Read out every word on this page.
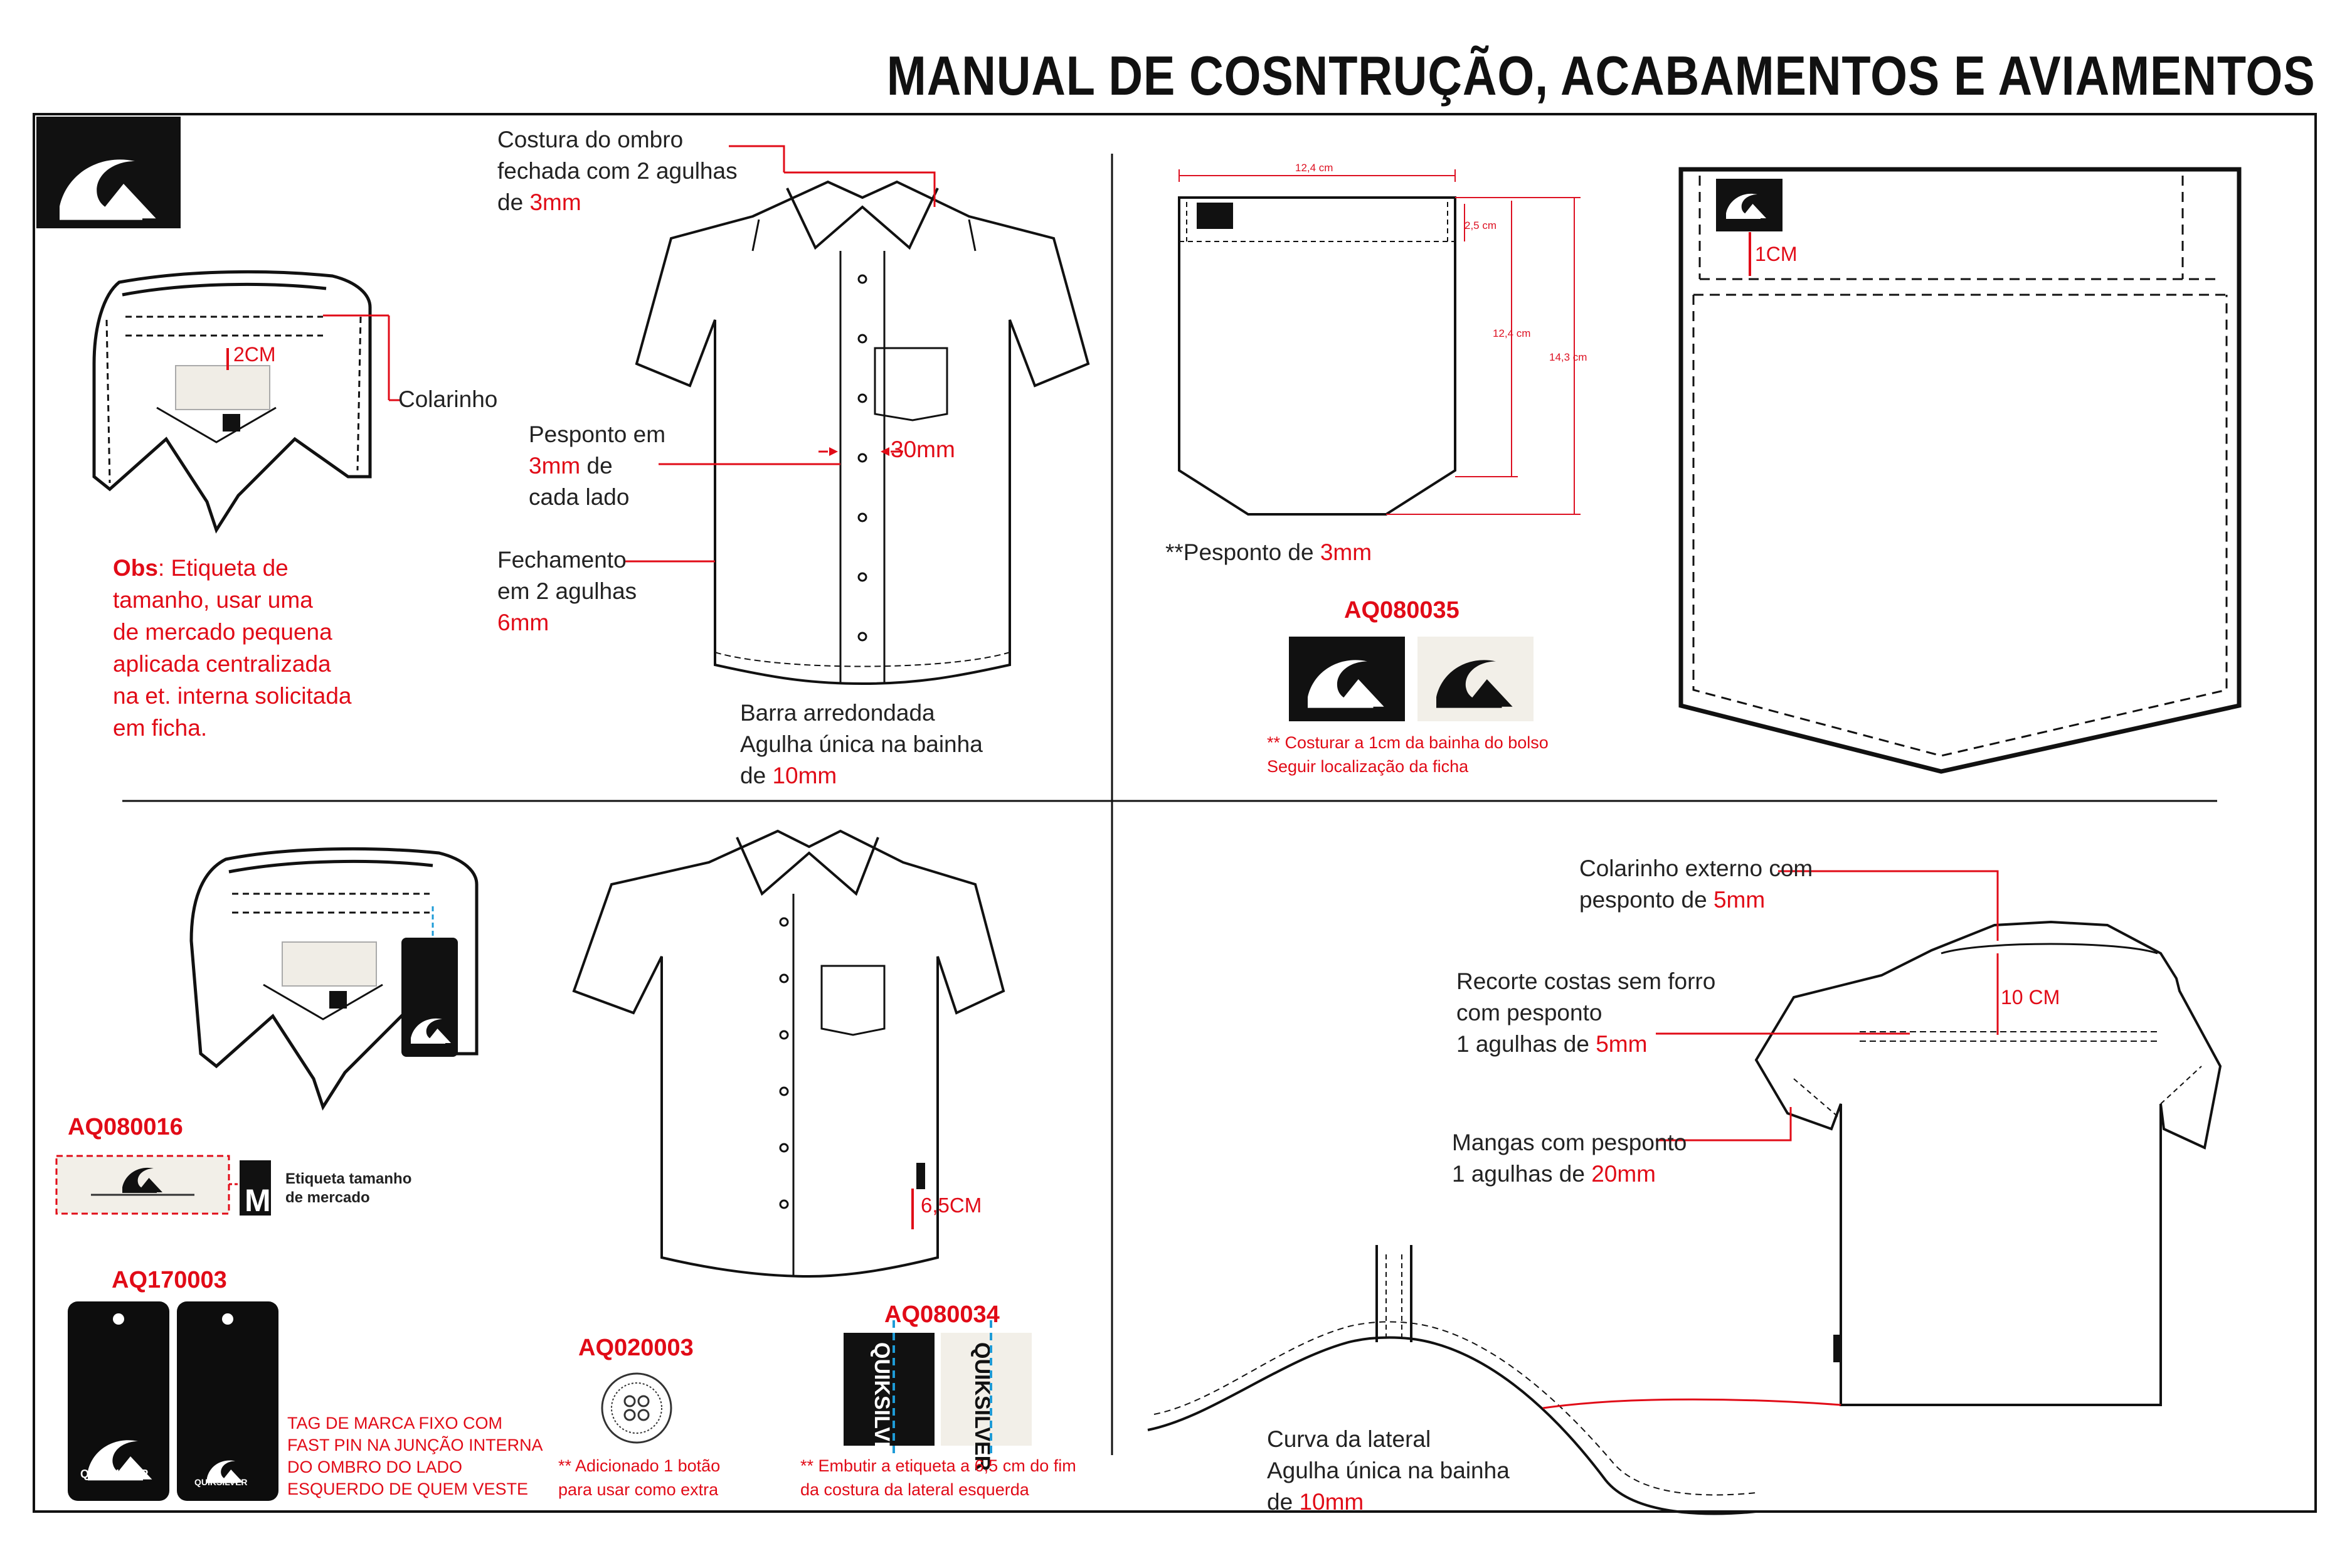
MANUAL DE COSNTRUÇÃO, ACABAMENTOS E AVIAMENTOS
QUIKSILVER	QUIKSILVER
2CM
Colarinho
Obs: Etiqueta de
tamanho, usar uma
de mercado pequena
aplicada centralizada
na et. interna solicitada
em ficha.
Costura do ombro
fechada com 2 agulhas
de 3mm
Pesponto em
3mm de
cada lado
30mm
Fechamento
em 2 agulhas
6mm
Barra arredondada
Agulha única na bainha
de 10mm
12,4 cm
2,5 cm
12,4 cm
14,3 cm
**Pesponto de 3mm
AQ080035
** Costurar a 1cm da bainha do bolso
Seguir localização da ficha
1CM
AQ080016
Etiqueta tamanho
de mercado
M
AQ170003
TAG DE MARCA FIXO COM
FAST PIN NA JUNÇÃO INTERNA
DO OMBRO DO LADO
ESQUERDO DE QUEM VESTE
QUIKSILVER
QUIKSILVER
6,5CM
AQ020003
** Adicionado 1 botão
para usar como extra
AQ080034
** Embutir a etiqueta a 6,5 cm do fim
da costura da lateral esquerda
Colarinho externo com
pesponto de 5mm
Recorte costas sem forro
com pesponto
1 agulhas de 5mm
10 CM
Mangas com pesponto
1 agulhas de 20mm
Curva da lateral
Agulha única na bainha
de 10mm
